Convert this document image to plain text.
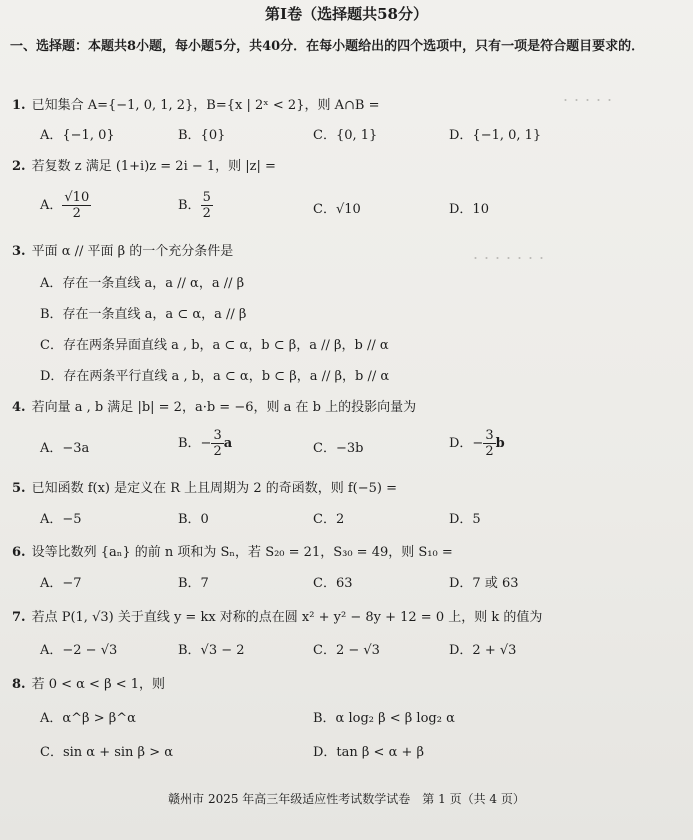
・・・・・
・・・・・・・
第Ⅰ卷（选择题共58分）
一、选择题：本题共8小题，每小题5分，共40分．在每小题给出的四个选项中，只有一项是符合题目要求的．
1. 已知集合 A={−1, 0, 1, 2}，B={x | 2ˣ < 2}，则 A∩B =
A．{−1, 0}	B．{0}	C．{0, 1}	D．{−1, 0, 1}
2. 若复数 z 满足 (1+i)z = 2i − 1，则 |z| =
A． $\frac{√10}{2}$	B． $\frac{5}{2}$	C．√10	D．10
3. 平面 α // 平面 β 的一个充分条件是
A．存在一条直线 a，a // α，a // β
B．存在一条直线 a，a ⊂ α，a // β
C．存在两条异面直线 a , b，a ⊂ α，b ⊂ β，a // β，b // α
D．存在两条平行直线 a , b，a ⊂ α，b ⊂ β，a // β，b // α
4. 若向量 a , b 满足 |b| = 2，a·b = −6，则 a 在 b 上的投影向量为
A．−3a	B．− $\frac{3}{2}$ a	C．−3b	D．− $\frac{3}{2}$ b
5. 已知函数 f(x) 是定义在 R 上且周期为 2 的奇函数，则 f(−5) =
A．−5	B．0	C．2	D．5
6. 设等比数列 {aₙ} 的前 n 项和为 Sₙ，若 S₂₀ = 21，S₃₀ = 49，则 S₁₀ =
A．−7	B．7	C．63	D．7 或 63
7. 若点 P(1, √3) 关于直线 y = kx 对称的点在圆 x² + y² − 8y + 12 = 0 上，则 k 的值为
A．−2 − √3	B．√3 − 2	C．2 − √3	D．2 + √3
8. 若 0 < α < β < 1，则
A．α^β > β^α	B．α log₂ β < β log₂ α
C．sin α + sin β > α	D．tan β < α + β
赣州市 2025 年高三年级适应性考试数学试卷　第 1 页（共 4 页）
